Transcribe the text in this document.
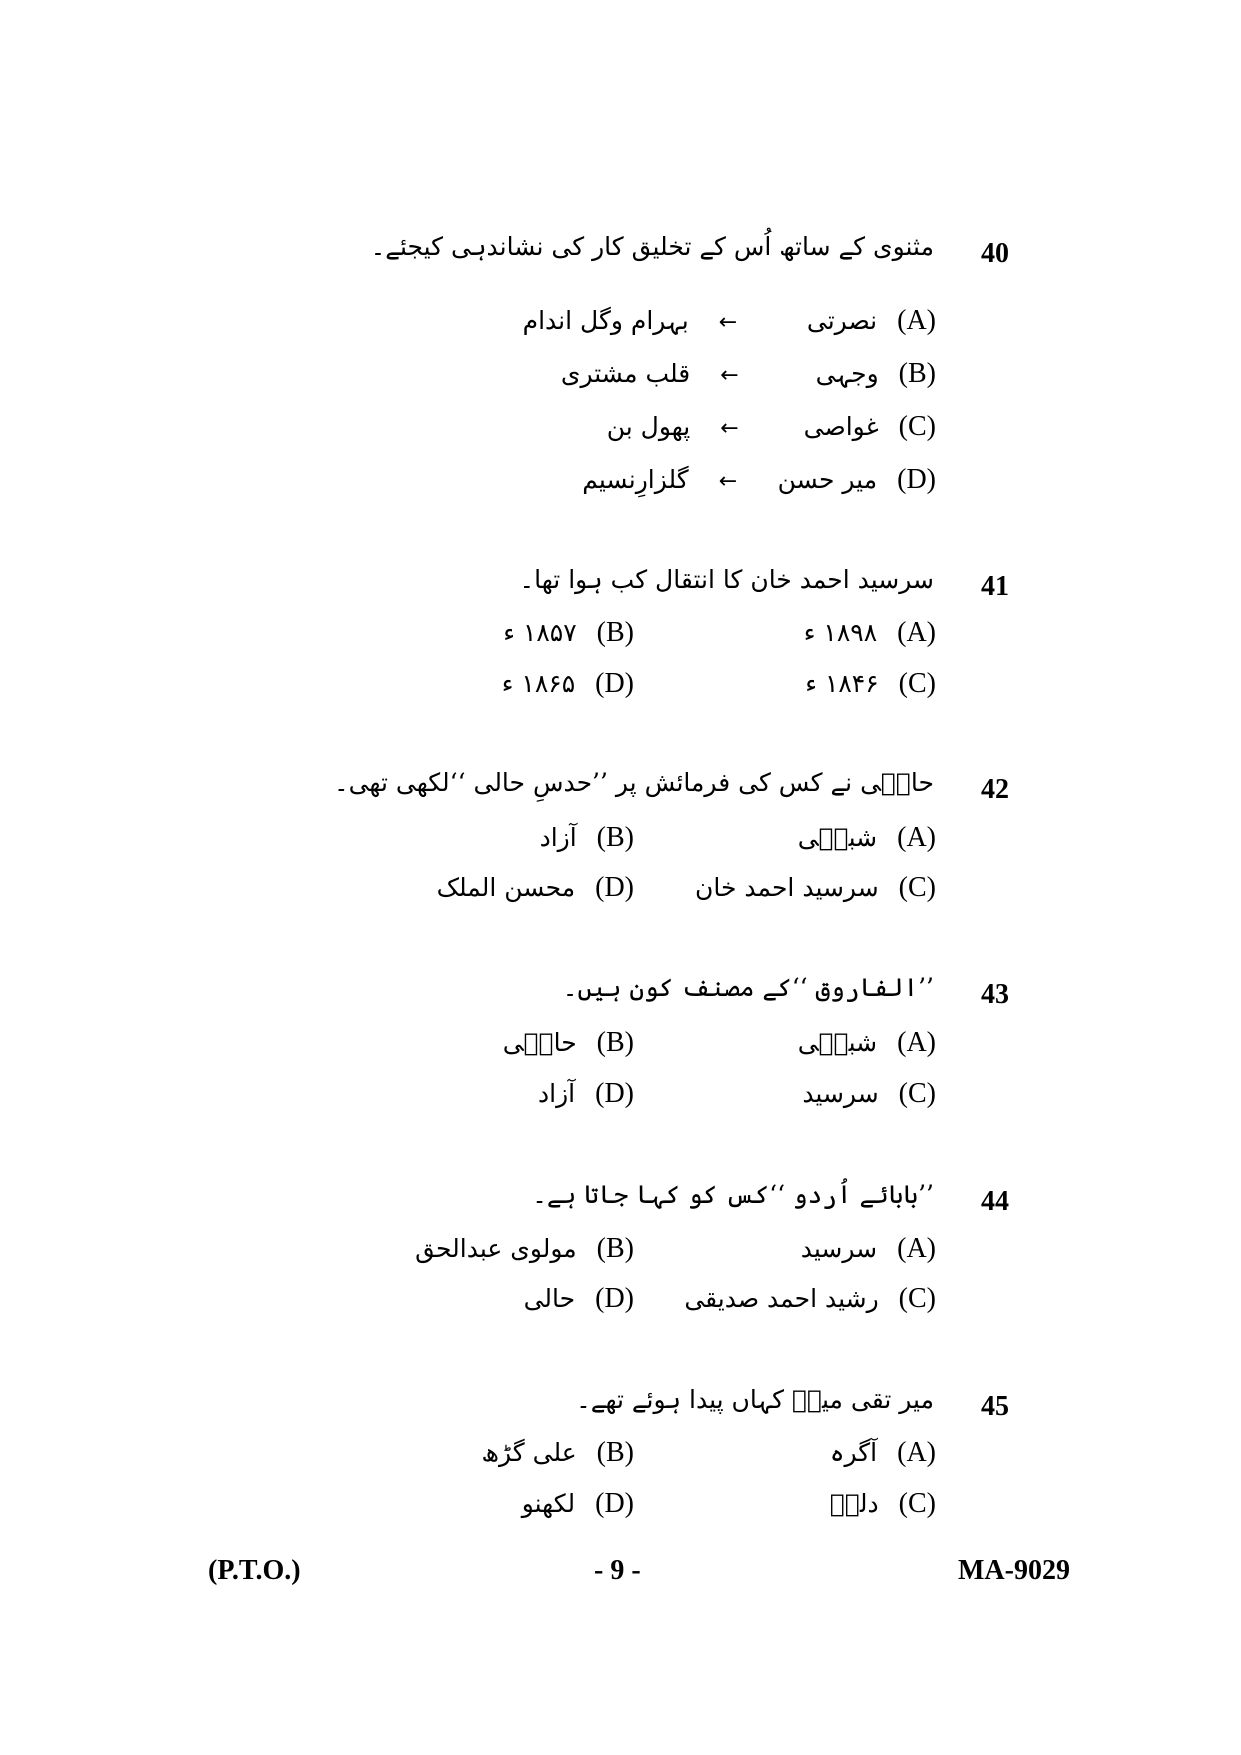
40
مثنوی کے ساتھ اُس کے تخلیق کار کی نشاندہی کیجئے۔
(A)نصرتی←بہرام وگل اندام
(B)وجہی←قلب مشتری
(C)غواصی←پھول بن
(D)میر حسن←گلزارِنسیم
41
سرسید احمد خان کا انتقال کب ہوا تھا۔
(A)۱۸۹۸ ء
(B)۱۸۵۷ ء
(C)۱۸۴۶ ء
(D)۱۸۶۵ ء
42
حالؔی نے کس کی فرمائش پر ’’حدسِ حالی ‘‘لکھی تھی۔
(A)شبلؔی
(B)آزاد
(C)سرسید احمد خان
(D)محسن الملک
43
’’الفاروق ‘‘کے مصنف کون ہیں۔
(A)شبلؔی
(B)حالؔی
(C)سرسید
(D)آزاد
44
’’بابائے اُردو ‘‘کس کو کہا جاتا ہے۔
(A)سرسید
(B)مولوی عبدالحق
(C)رشید احمد صدیقی
(D)حالی
45
میر تقی میرؔ کہاں پیدا ہوئے تھے۔
(A)آگرہ
(B)علی گڑھ
(C)دلیؔ
(D)لکھنو
(P.T.O.)	- 9 -	MA-9029
